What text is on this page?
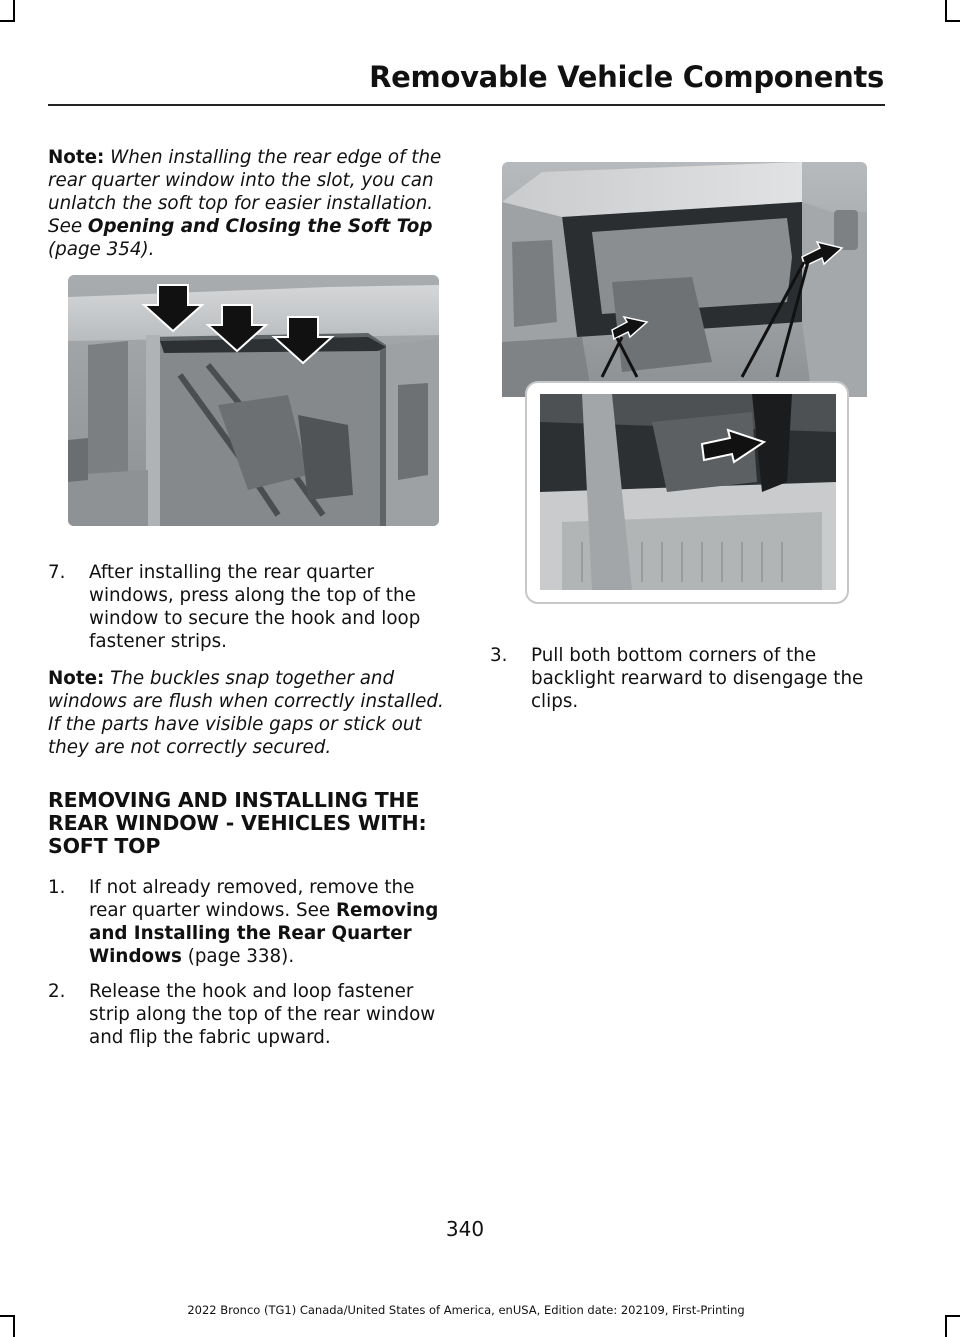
Removable Vehicle Components

Note: When installing the rear edge of the rear quarter window into the slot, you can unlatch the soft top for easier installation. See Opening and Closing the Soft Top (page 354).

7. After installing the rear quarter windows, press along the top of the window to secure the hook and loop fastener strips.

Note: The buckles snap together and windows are flush when correctly installed. If the parts have visible gaps or stick out they are not correctly secured.

REMOVING AND INSTALLING THE REAR WINDOW - VEHICLES WITH: SOFT TOP
1. If not already removed, remove the rear quarter windows. See Removing and Installing the Rear Quarter Windows (page 338).
2. Release the hook and loop fastener strip along the top of the rear window and flip the fabric upward.
3. Pull both bottom corners of the backlight rearward to disengage the clips.
340
2022 Bronco (TG1) Canada/United States of America, enUSA, Edition date: 202109, First-Printing
